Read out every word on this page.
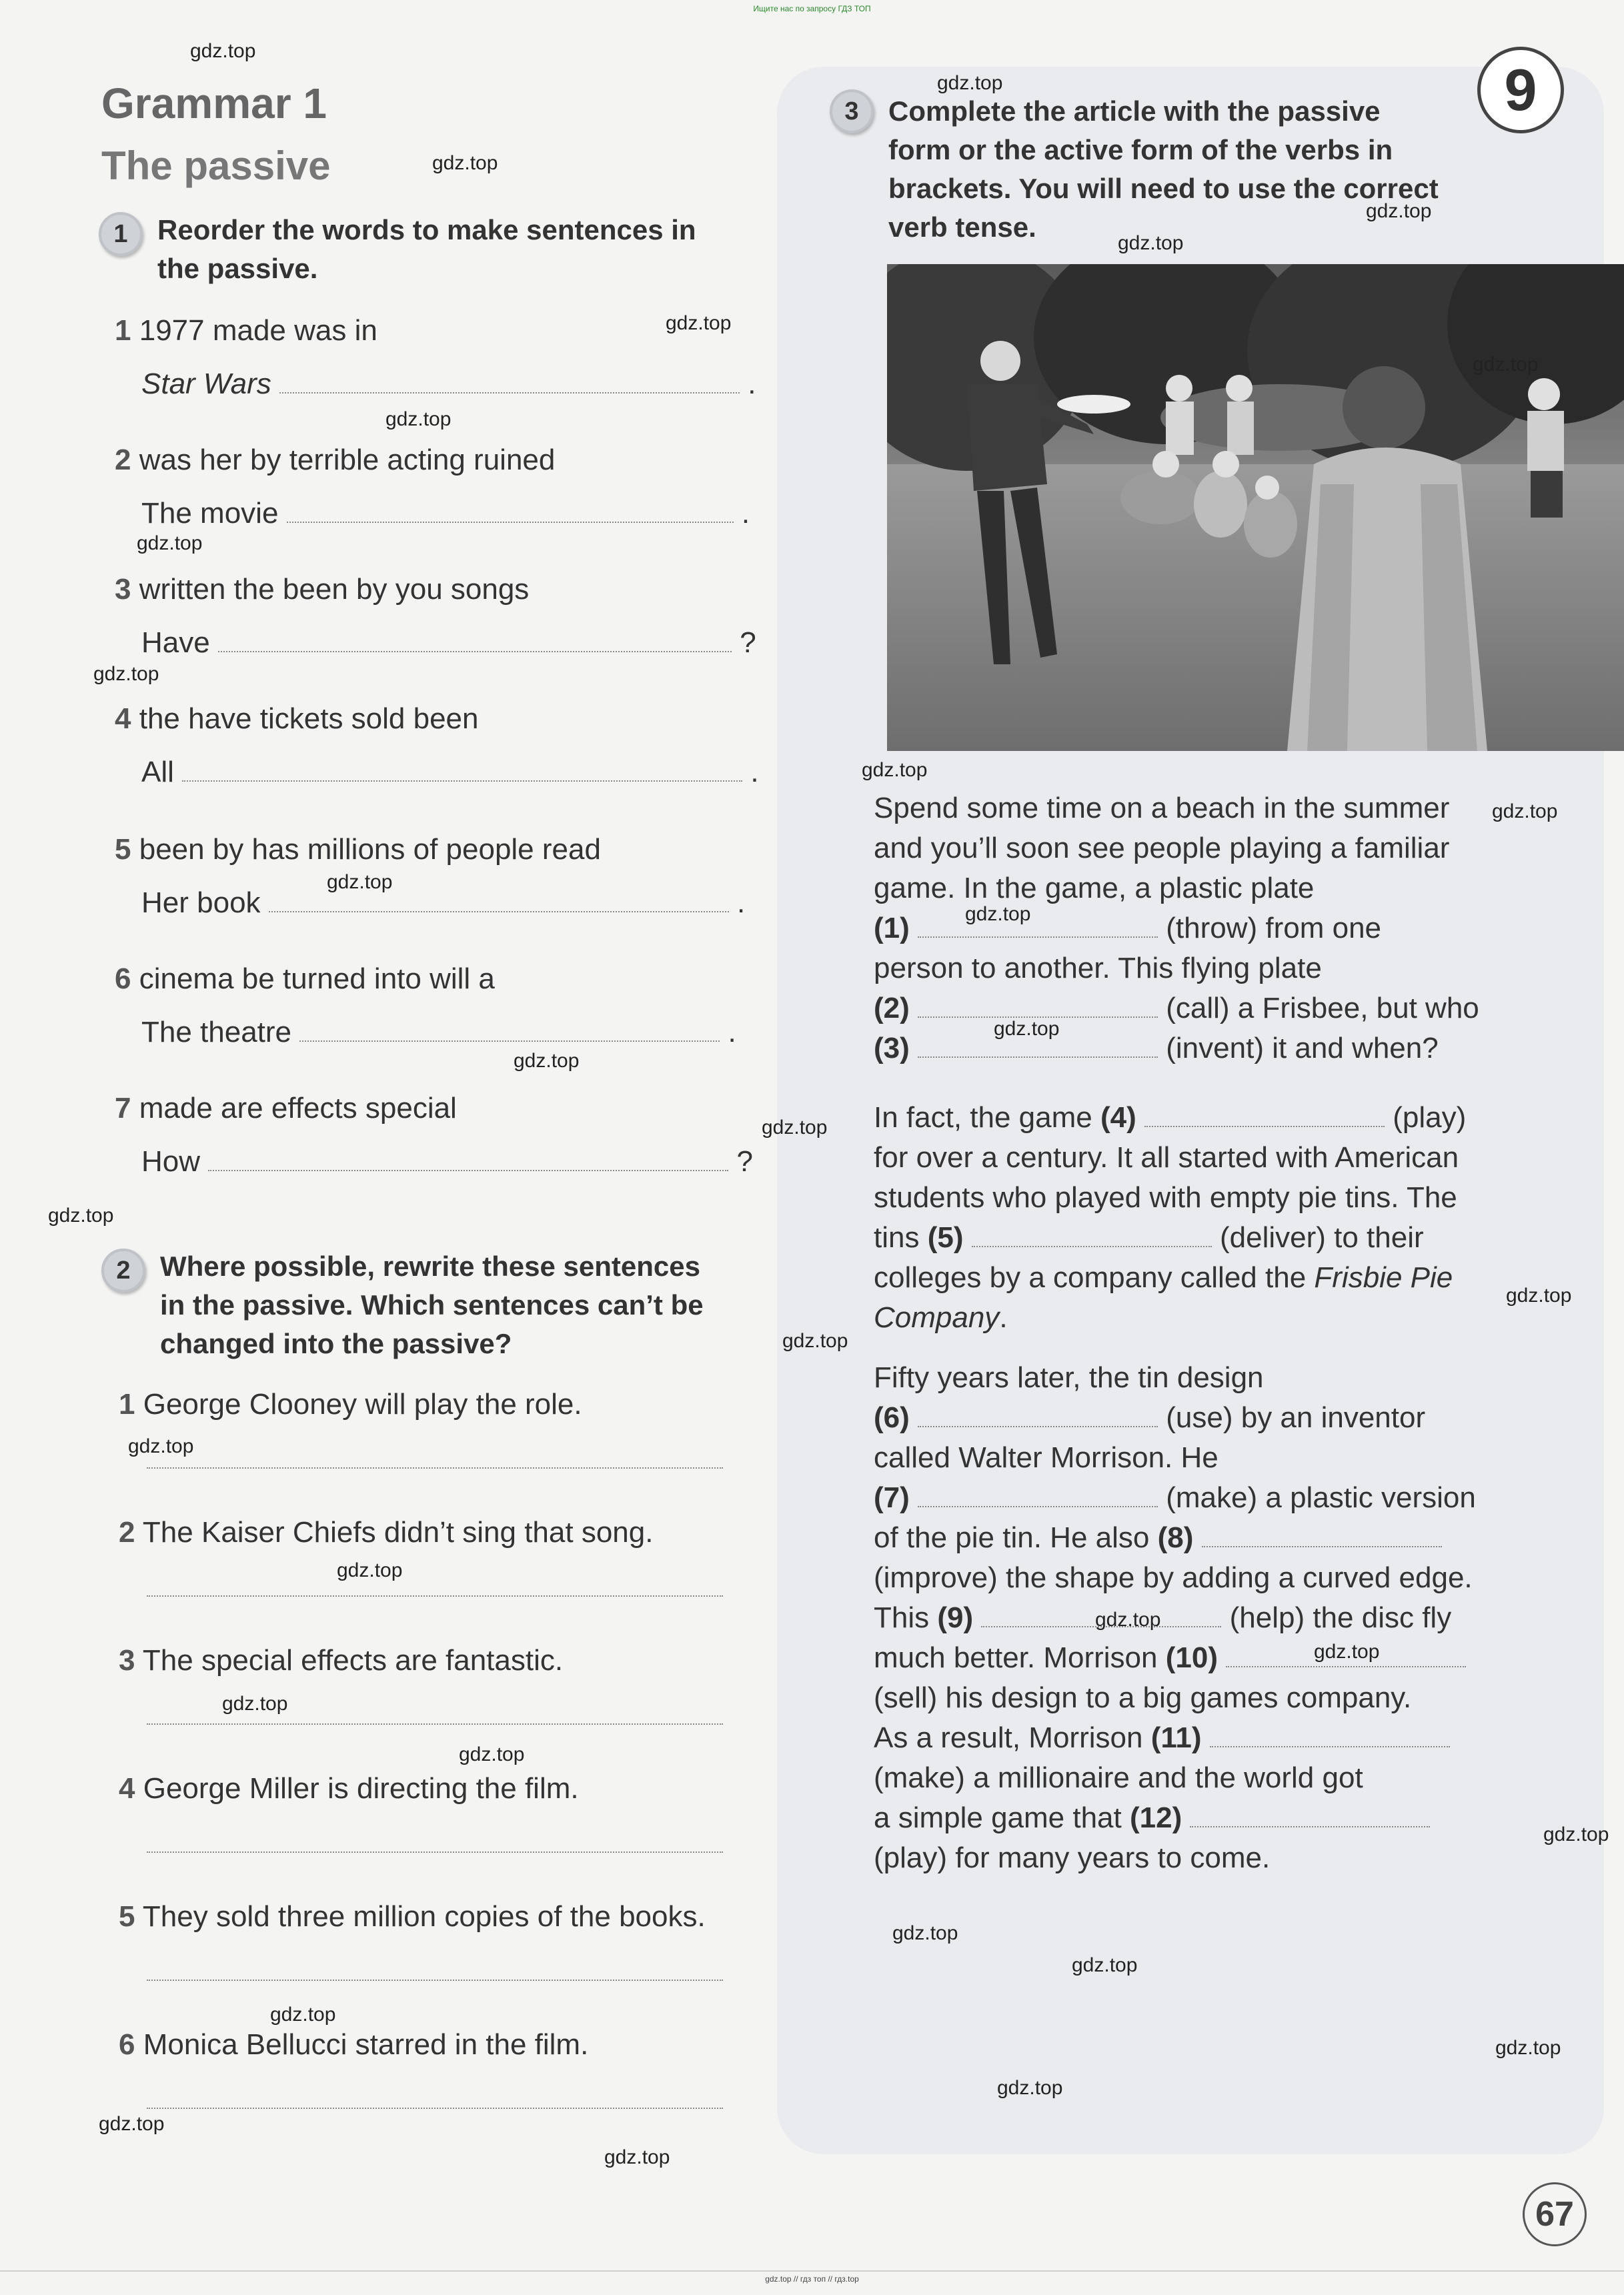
Ищите нас по запросу ГДЗ ТОП
Grammar 1
The passive
1	Reorder the words to make sentences in
the passive.
1 1977 made was in
Star Wars	.
2 was her by terrible acting ruined
The movie	.
3 written the been by you songs
Have	?
4 the have tickets sold been
All	.
5 been by has millions of people read
Her book	.
6 cinema be turned into will a
The theatre	.
7 made are effects special
How	?
2	Where possible, rewrite these sentences
in the passive. Which sentences can’t be
changed into the passive?
1 George Clooney will play the role.
2 The Kaiser Chiefs didn’t sing that song.
3 The special effects are fantastic.
4 George Miller is directing the film.
5 They sold three million copies of the books.
6 Monica Bellucci starred in the film.
9
3	Complete the article with the passive
form or the active form of the verbs in
brackets. You will need to use the correct
verb tense.
Spend some time on a beach in the summer
and you’ll soon see people playing a familiar
game. In the game, a plastic plate
(1)	(throw) from one
person to another. This flying plate
(2)	(call) a Frisbee, but who
(3)	(invent) it and when?
In fact, the game (4)	(play)
for over a century. It all started with American
students who played with empty pie tins. The
tins (5)	(deliver) to their
colleges by a company called the Frisbie Pie
Company.
Fifty years later, the tin design
(6)	(use) by an inventor
called Walter Morrison. He
(7)	(make) a plastic version
of the pie tin. He also (8)
(improve) the shape by adding a curved edge.
This (9)	(help) the disc fly
much better. Morrison (10)
(sell) his design to a big games company.
As a result, Morrison (11)
(make) a millionaire and the world got
a simple game that (12)
(play) for many years to come.
67
gdz.top
gdz.top
gdz.top
gdz.top
gdz.top
gdz.top
gdz.top
gdz.top
gdz.top
gdz.top
gdz.top
gdz.top
gdz.top
gdz.top
gdz.top
gdz.top
gdz.top
gdz.top
gdz.top
gdz.top
gdz.top
gdz.top
gdz.top
gdz.top
gdz.top
gdz.top
gdz.top
gdz.top
gdz.top
gdz.top
gdz.top
gdz.top
gdz.top
gdz.top
gdz.top // гдз топ // гдз.top
